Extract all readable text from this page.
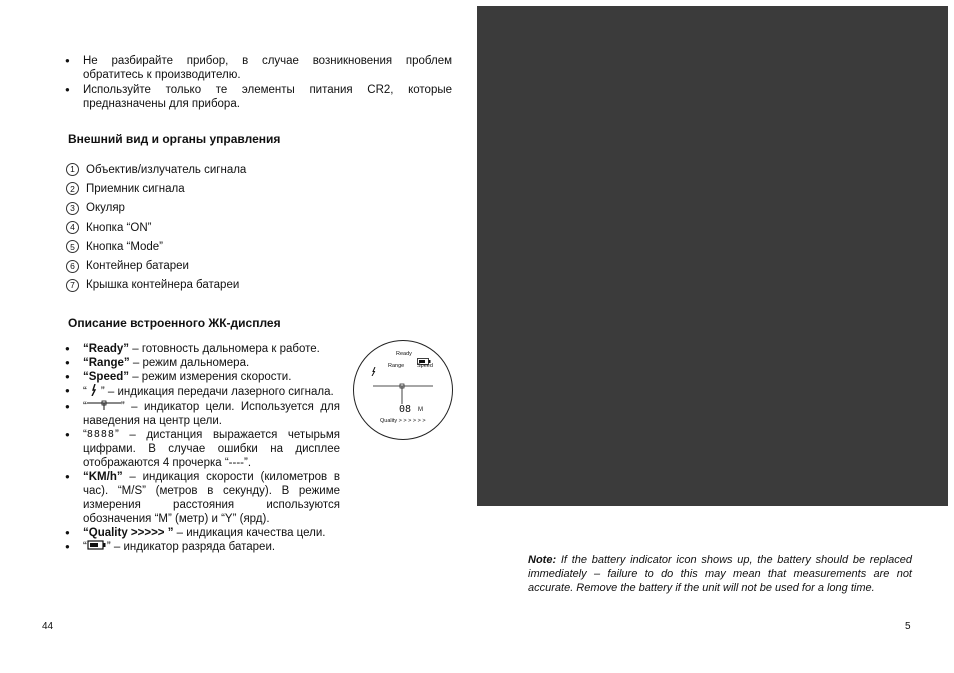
● Не разбирайте прибор, в случае возникновения проблем обратитесь к производителю.
● Используйте только те элементы питания CR2, которые предназначены для прибора.
Внешний вид и органы управления
1 Объектив/излучатель сигнала
2 Приемник сигнала
3 Окуляр
4 Кнопка “ON”
5 Кнопка “Mode”
6 Контейнер батареи
7 Крышка контейнера батареи
Описание встроенного ЖК-дисплея
● “Ready” – готовность дальномера к работе.
● “Range” – режим дальномера.
● “Speed” – режим измерения скорости.
● “ ” – индикация передачи лазерного сигнала.
● “	” – индикатор цели. Используется для наведения на центр цели.
● “8888” – дистанция выражается четырьмя цифрами. В случае ошибки на дисплее отображаются 4 прочерка “----”.
● “KM/h” – индикация скорости (километров в час). “M/S” (метров в секунду). В режиме измерения расстояния используются обозначения “M” (метр) и “Y” (ярд).
● “Quality >>>>> ” – индикация качества цели.
● “ ” – индикатор разряда батареи.
Ready
Range Speed
08 M
Quality > > > > > >
44
Note: If the battery indicator icon shows up, the battery should be replaced immediately – failure to do this may mean that measurements are not accurate. Remove the battery if the unit will not be used for a long time.
5
